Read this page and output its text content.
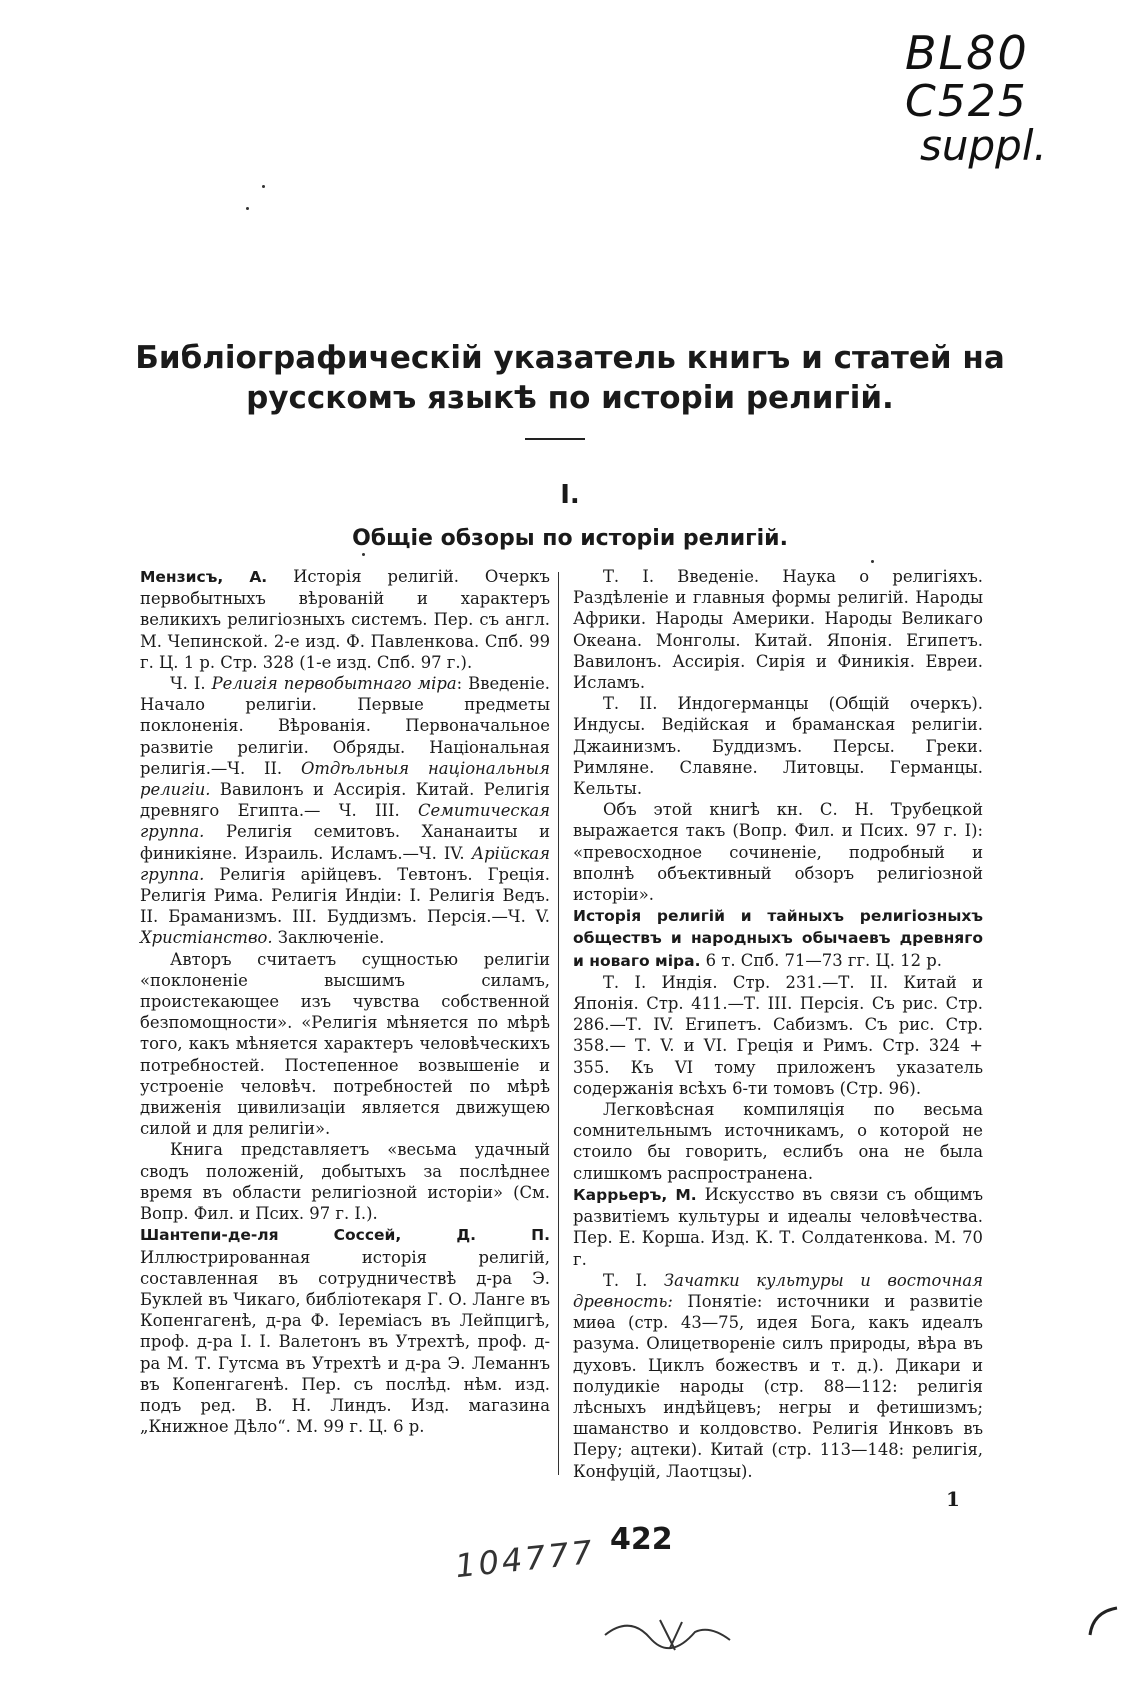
BL80
C525
suppl.
Библіографическій указатель книгъ и статей на русскомъ языкѣ по исторіи религій.
I.
Общіе обзоры по исторіи религій.

Мензисъ, А. Исторія религій. Очеркъ первобытныхъ вѣрованій и характеръ великихъ религіозныхъ системъ. Пер. съ англ. М. Чепинской. 2-е изд. Ф. Павленкова. Спб. 99 г. Ц. 1 р. Стр. 328 (1-е изд. Спб. 97 г.).

Ч. I. Религія первобытнаго міра: Введеніе. Начало религіи. Первые предметы поклоненія. Вѣрованія. Первоначальное развитіе религіи. Обряды. Національная религія.—Ч. II. Отдѣльныя національныя религіи. Вавилонъ и Ассирія. Китай. Религія древняго Египта.— Ч. III. Семитическая группа. Религія семитовъ. Хананаиты и финикіяне. Израиль. Исламъ.—Ч. IV. Арійская группа. Религія арійцевъ. Тевтонъ. Греція. Религія Рима. Религія Индіи: I. Религія Ведъ. II. Браманизмъ. III. Буддизмъ. Персія.—Ч. V. Христіанство. Заключеніе.

Авторъ считаетъ сущностью религіи «поклоненіе высшимъ силамъ, проистекающее изъ чувства собственной безпомощности». «Религія мѣняется по мѣрѣ того, какъ мѣняется характеръ человѣческихъ потребностей. Постепенное возвышеніе и устроеніе человѣч. потребностей по мѣрѣ движенія цивилизаціи является движущею силой и для религіи».

Книга представляетъ «весьма удачный сводъ положеній, добытыхъ за послѣднее время въ области религіозной исторіи» (См. Вопр. Фил. и Псих. 97 г. I.).

Шантепи-де-ля Соссей, Д. П. Иллюстрированная исторія религій, составленная въ сотрудничествѣ д-ра Э. Буклей въ Чикаго, библіотекаря Г. О. Ланге въ Копенгагенѣ, д-ра Ф. Іереміасъ въ Лейпцигѣ, проф. д-ра I. I. Валетонъ въ Утрехтѣ, проф. д-ра М. Т. Гутсма въ Утрехтѣ и д-ра Э. Леманнъ въ Копенгагенѣ. Пер. съ послѣд. нѣм. изд. подъ ред. В. Н. Линдъ. Изд. магазина „Книжное Дѣло“. М. 99 г. Ц. 6 р.

Т. I. Введеніе. Наука о религіяхъ. Раздѣленіе и главныя формы религій. Народы Африки. Народы Америки. Народы Великаго Океана. Монголы. Китай. Японія. Египетъ. Вавилонъ. Ассирія. Сирія и Финикія. Евреи. Исламъ.

Т. II. Индогерманцы (Общій очеркъ). Индусы. Ведійская и браманская религіи. Джаинизмъ. Буддизмъ. Персы. Греки. Римляне. Славяне. Литовцы. Германцы. Кельты.

Объ этой книгѣ кн. С. Н. Трубецкой выражается такъ (Вопр. Фил. и Псих. 97 г. I): «превосходное сочиненіе, подробный и вполнѣ объективный обзоръ религіозной исторіи».

Исторія религій и тайныхъ религіозныхъ обществъ и народныхъ обычаевъ древняго и новаго міра. 6 т. Спб. 71—73 гг. Ц. 12 р.

Т. I. Индія. Стр. 231.—Т. II. Китай и Японія. Стр. 411.—Т. III. Персія. Съ рис. Стр. 286.—Т. IV. Египетъ. Сабизмъ. Съ рис. Стр. 358.— Т. V. и VI. Греція и Римъ. Стр. 324 + 355. Къ VI тому приложенъ указатель содержанія всѣхъ 6-ти томовъ (Стр. 96).

Легковѣсная компиляція по весьма сомнительнымъ источникамъ, о которой не стоило бы говорить, еслибъ она не была слишкомъ распространена.

Каррьеръ, М. Искусство въ связи съ общимъ развитіемъ культуры и идеалы человѣчества. Пер. Е. Корша. Изд. К. Т. Солдатенкова. М. 70 г.

Т. I. Зачатки культуры и восточная древность: Понятіе: источники и развитіе миѳа (стр. 43—75, идея Бога, какъ идеалъ разума. Олицетвореніе силъ природы, вѣра въ духовъ. Циклъ божествъ и т. д.). Дикари и полудикіе народы (стр. 88—112: религія лѣсныхъ индѣйцевъ; негры и фетишизмъ; шаманство и колдовство. Религія Инковъ въ Перу; ацтеки). Китай (стр. 113—148: религія, Конфуцій, Лаотцзы).

1
422
104777
